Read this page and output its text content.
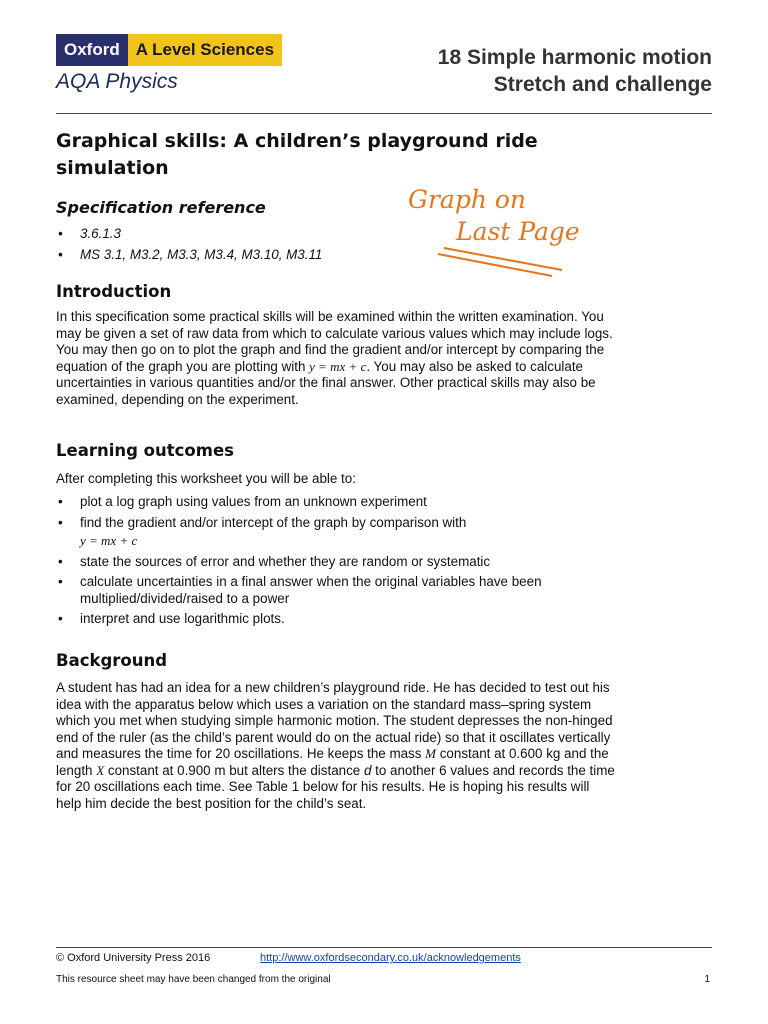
Oxford A Level Sciences
AQA Physics
18 Simple harmonic motion
Stretch and challenge
Graphical skills: A children’s playground ride simulation
Graph on
Last Page
Specification reference
• 3.6.1.3
• MS 3.1, M3.2, M3.3, M3.4, M3.10, M3.11
Introduction
In this specification some practical skills will be examined within the written examination. You may be given a set of raw data from which to calculate various values which may include logs. You may then go on to plot the graph and find the gradient and/or intercept by comparing the equation of the graph you are plotting with y = mx + c. You may also be asked to calculate uncertainties in various quantities and/or the final answer. Other practical skills may also be examined, depending on the experiment.
Learning outcomes
After completing this worksheet you will be able to:
• plot a log graph using values from an unknown experiment
• find the gradient and/or intercept of the graph by comparison with
y = mx + c
• state the sources of error and whether they are random or systematic
• calculate uncertainties in a final answer when the original variables have been multiplied/divided/raised to a power
• interpret and use logarithmic plots.
Background
A student has had an idea for a new children’s playground ride. He has decided to test out his idea with the apparatus below which uses a variation on the standard mass–spring system which you met when studying simple harmonic motion. The student depresses the non-hinged end of the ruler (as the child’s parent would do on the actual ride) so that it oscillates vertically and measures the time for 20 oscillations. He keeps the mass M constant at 0.600 kg and the length X constant at 0.900 m but alters the distance d to another 6 values and records the time for 20 oscillations each time. See Table 1 below for his results. He is hoping his results will help him decide the best position for the child’s seat.
© Oxford University Press 2016	http://www.oxfordsecondary.co.uk/acknowledgements
This resource sheet may have been changed from the original	1
